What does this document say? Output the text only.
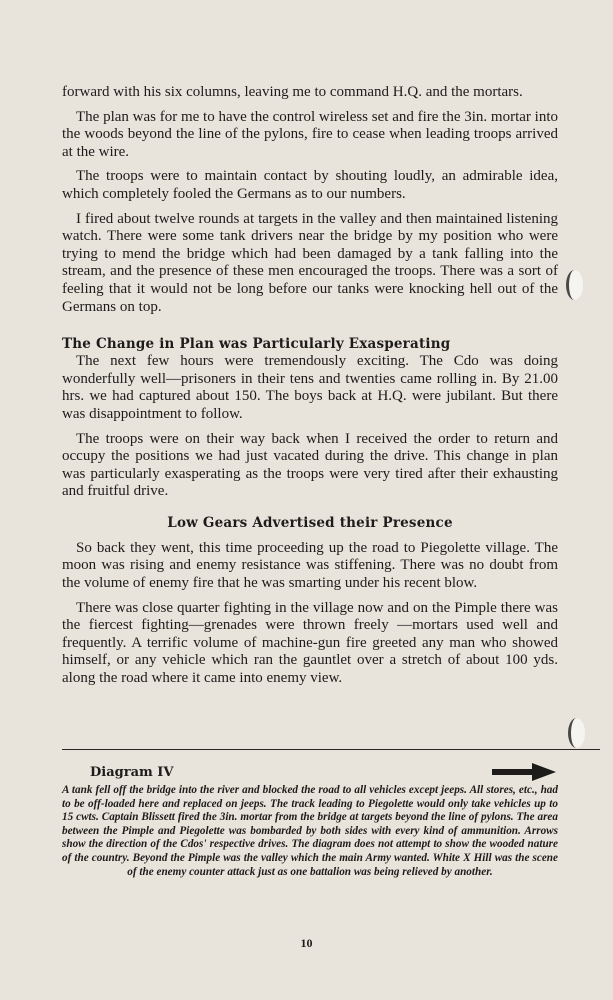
forward with his six columns, leaving me to command H.Q. and the mortars.

The plan was for me to have the control wireless set and fire the 3in. mortar into the woods beyond the line of the pylons, fire to cease when leading troops arrived at the wire.

The troops were to maintain contact by shouting loudly, an admirable idea, which completely fooled the Germans as to our numbers.

I fired about twelve rounds at targets in the valley and then maintained listening watch. There were some tank drivers near the bridge by my position who were trying to mend the bridge which had been damaged by a tank falling into the stream, and the presence of these men encouraged the troops. There was a sort of feeling that it would not be long before our tanks were knocking hell out of the Germans on top.

The Change in Plan was Particularly Exasperating

The next few hours were tremendously exciting. The Cdo was doing wonderfully well—prisoners in their tens and twenties came rolling in. By 21.00 hrs. we had captured about 150. The boys back at H.Q. were jubilant. But there was disappointment to follow.

The troops were on their way back when I received the order to return and occupy the positions we had just vacated during the drive. This change in plan was particularly exasperating as the troops were very tired after their exhausting and fruitful drive.

Low Gears Advertised their Presence

So back they went, this time proceeding up the road to Piegolette village. The moon was rising and enemy resistance was stiffening. There was no doubt from the volume of enemy fire that he was smarting under his recent blow.

There was close quarter fighting in the village now and on the Pimple there was the fiercest fighting—grenades were thrown freely —mortars used well and frequently. A terrific volume of machine-gun fire greeted any man who showed himself, or any vehicle which ran the gauntlet over a stretch of about 100 yds. along the road where it came into enemy view.

Diagram IV

A tank fell off the bridge into the river and blocked the road to all vehicles except jeeps. All stores, etc., had to be off-loaded here and replaced on jeeps. The track leading to Piegolette would only take vehicles up to 15 cwts. Captain Blissett fired the 3in. mortar from the bridge at targets beyond the line of pylons. The area between the Pimple and Piegolette was bombarded by both sides with every kind of ammunition. Arrows show the direction of the Cdos' respective drives. The diagram does not attempt to show the wooded nature of the country. Beyond the Pimple was the valley which the main Army wanted. White X Hill was the scene of the enemy counter attack just as one battalion was being relieved by another.

10
